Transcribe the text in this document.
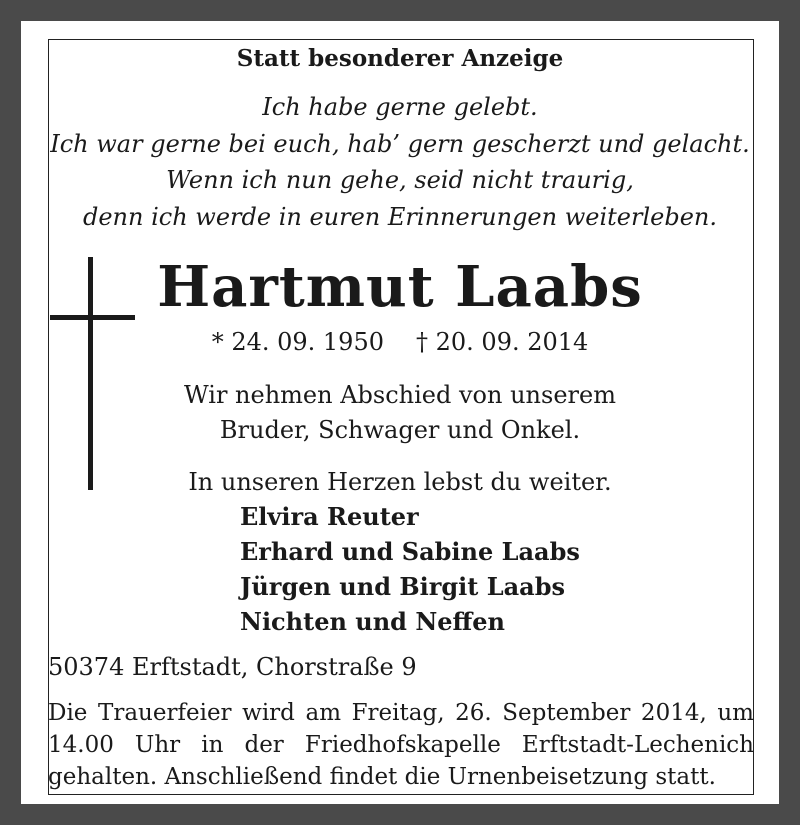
Statt besonderer Anzeige
Ich habe gerne gelebt.
Ich war gerne bei euch, hab’ gern gescherzt und gelacht.
Wenn ich nun gehe, seid nicht traurig,
denn ich werde in euren Erinnerungen weiterleben.
Hartmut Laabs
* 24. 09. 1950 † 20. 09. 2014
Wir nehmen Abschied von unserem
Bruder, Schwager und Onkel.
In unseren Herzen lebst du weiter.
Elvira Reuter
Erhard und Sabine Laabs
Jürgen und Birgit Laabs
Nichten und Neffen
50374 Erftstadt, Chorstraße 9
Die Trauerfeier wird am Freitag, 26. September 2014, um 14.00 Uhr in der Friedhofskapelle Erftstadt-Lechenich gehalten. Anschließend findet die Urnenbeisetzung statt.
